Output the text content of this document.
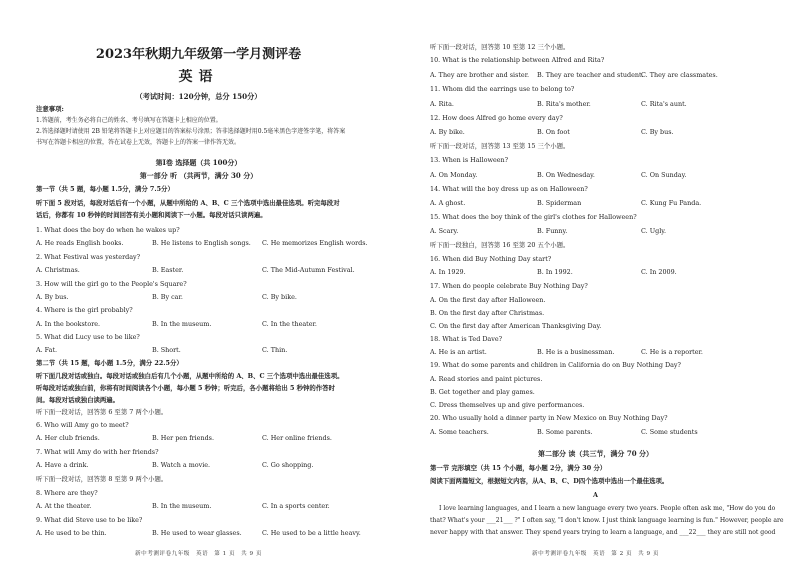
2023年秋期九年级第一学月测评卷
英语
（考试时间：120分钟，总分 150分）
注意事项:
1.答题前，考生务必将自己的姓名、考号填写在答题卡上相应的位置。
2.答选择题时请使用 2B 铅笔将答题卡上对应题目的答案标号涂黑；答非选择题时用0.5毫米黑色字迹签字笔，将答案
书写在答题卡相应的位置，答在试卷上无效，答题卡上的答案一律作答无效。
第Ⅰ卷 选择题（共 100分）
第一部分 听 （共两节，满分 30 分）
第一节（共 5 题，每小题 1.5分，满分 7.5分）
听下面 5 段对话，每段对话后有一个小题，从题中所给的 A、B、C 三个选项中选出最佳选项。听完每段对
话后，你都有 10 秒钟的时间回答有关小题和阅读下一小题。每段对话只读两遍。
1. What does the boy do when he wakes up?
A. He reads English books.	B. He listens to English songs. C. He memorizes English words.
2. What Festival was yesterday?
A. Christmas.	B. Easter.	C. The Mid-Autumn Festival.
3. How will the girl go to the People's Square?
A. By bus.	B. By car.	C. By bike.
4. Where is the girl probably?
A. In the bookstore.	B. In the museum.	C. In the theater.
5. What did Lucy use to be like?
A. Fat.	B. Short.	C. Thin.
第二节（共 15 题，每小题 1.5分，满分 22.5分）
听下面几段对话或独白。每段对话或独白后有几个小题，从题中所给的 A、B、C 三个选项中选出最佳选项。
听每段对话或独白前，你将有时间阅读各个小题，每小题 5 秒钟；听完后，各小题将给出 5 秒钟的作答时
间。每段对话或独白读两遍。
听下面一段对话，回答第 6 至第 7 两个小题。
6. Who will Amy go to meet?
A. Her club friends.	B. Her pen friends.	C. Her online friends.
7. What will Amy do with her friends?
A. Have a drink.	B. Watch a movie.	C. Go shopping.
听下面一段对话，回答第 8 至第 9 两个小题。
8. Where are they?
A. At the theater.	B. In the museum.	C. In a sports center.
9. What did Steve use to be like?
A. He used to be thin.	B. He used to wear glasses.	C. He used to be a little heavy.
新中考测评卷九年级　英语　第 1 页　共 9 页
听下面一段对话，回答第 10 至第 12 三个小题。
10. What is the relationship between Alfred and Rita?
A. They are brother and sister. B. They are teacher and student.
C. They are classmates.
11. Whom did the earrings use to belong to?
A. Rita.	B. Rita's mother.	C. Rita's aunt.
12. How does Alfred go home every day?
A. By bike.	B. On foot	C. By bus.
听下面一段对话，回答第 13 至第 15 三个小题。
13. When is Halloween?
A. On Monday.	B. On Wednesday.	C. On Sunday.
14. What will the boy dress up as on Halloween?
A. A ghost.	B. Spiderman	C. Kung Fu Panda.
15. What does the boy think of the girl's clothes for Halloween?
A. Scary.	B. Funny.	C. Ugly.
听下面一段独白，回答第 16 至第 20 五个小题。
16. When did Buy Nothing Day start?
A. In 1929.	B. In 1992.	C. In 2009.
17. When do people celebrate Buy Nothing Day?
A. On the first day after Halloween.
B. On the first day after Christmas.
C. On the first day after American Thanksgiving Day.
18. What is Ted Dave?
A. He is an artist.	B. He is a businessman.	C. He is a reporter.
19. What do some parents and children in California do on Buy Nothing Day?
A. Read stories and paint pictures.
B. Get together and play games.
C. Dress themselves up and give performances.
20. Who usually hold a dinner party in New Mexico on Buy Nothing Day?
A. Some teachers.	B. Some parents.	C. Some students
第二部分 读（共三节，满分 70 分）
第一节 完形填空（共 15 个小题，每小题 2分，满分 30 分）
阅读下面两篇短文，根据短文内容，从A、B、C、D四个选项中选出一个最佳选项。
A
I love learning languages, and I learn a new language every two years. People often ask me, "How do you do
that? What's your ___21___ ?" I often say, "I don't know. I just think language learning is fun." However, people are
never happy with that answer. They spend years trying to learn a language, and ___22___ they are still not good
新中考测评卷九年级　英语　第 2 页　共 9 页
